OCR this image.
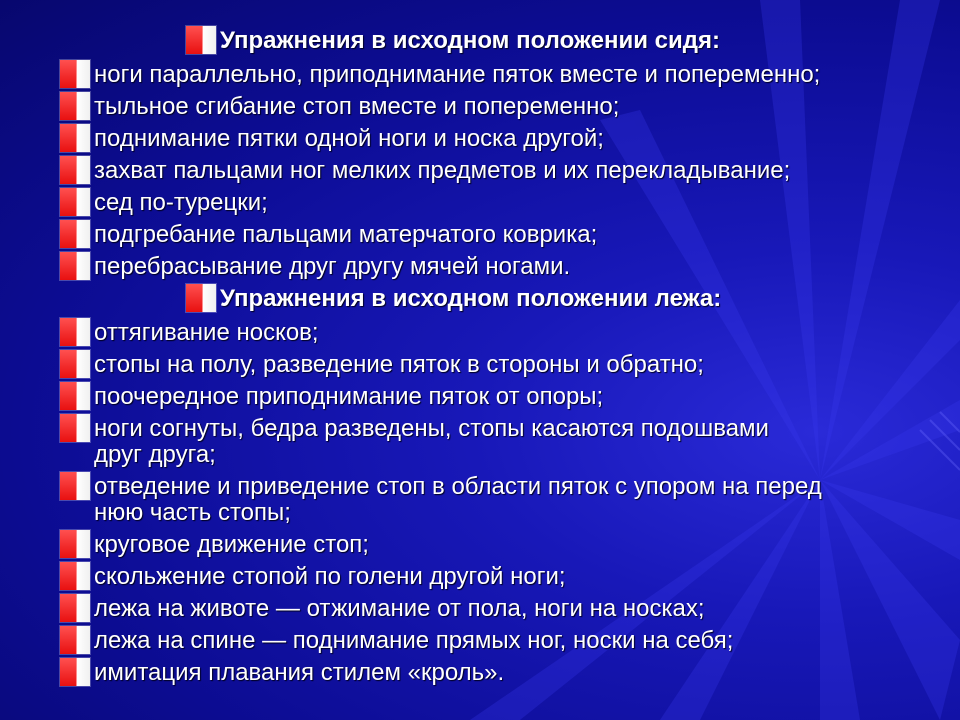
Упражнения в исходном положении сидя:
ноги параллельно, приподнимание пяток вместе и попеременно;
тыльное сгибание стоп вместе и попеременно;
поднимание пятки одной ноги и носка другой;
захват пальцами ног мелких предметов и их перекладывание;
сед по-турецки;
подгребание пальцами матерчатого коврика;
перебрасывание друг другу мячей ногами.
Упражнения в исходном положении лежа:
оттягивание носков;
стопы на полу, разведение пяток в стороны и обратно;
поочередное приподнимание пяток от опоры;
ноги согнуты, бедра разведены, стопы касаются подошвами
друг друга;
отведение и приведение стоп в области пяток с упором на перед
нюю часть стопы;
круговое движение стоп;
скольжение стопой по голени другой ноги;
лежа на животе — отжимание от пола, ноги на носках;
лежа на спине — поднимание прямых ног, носки на себя;
имитация плавания стилем «кроль».
